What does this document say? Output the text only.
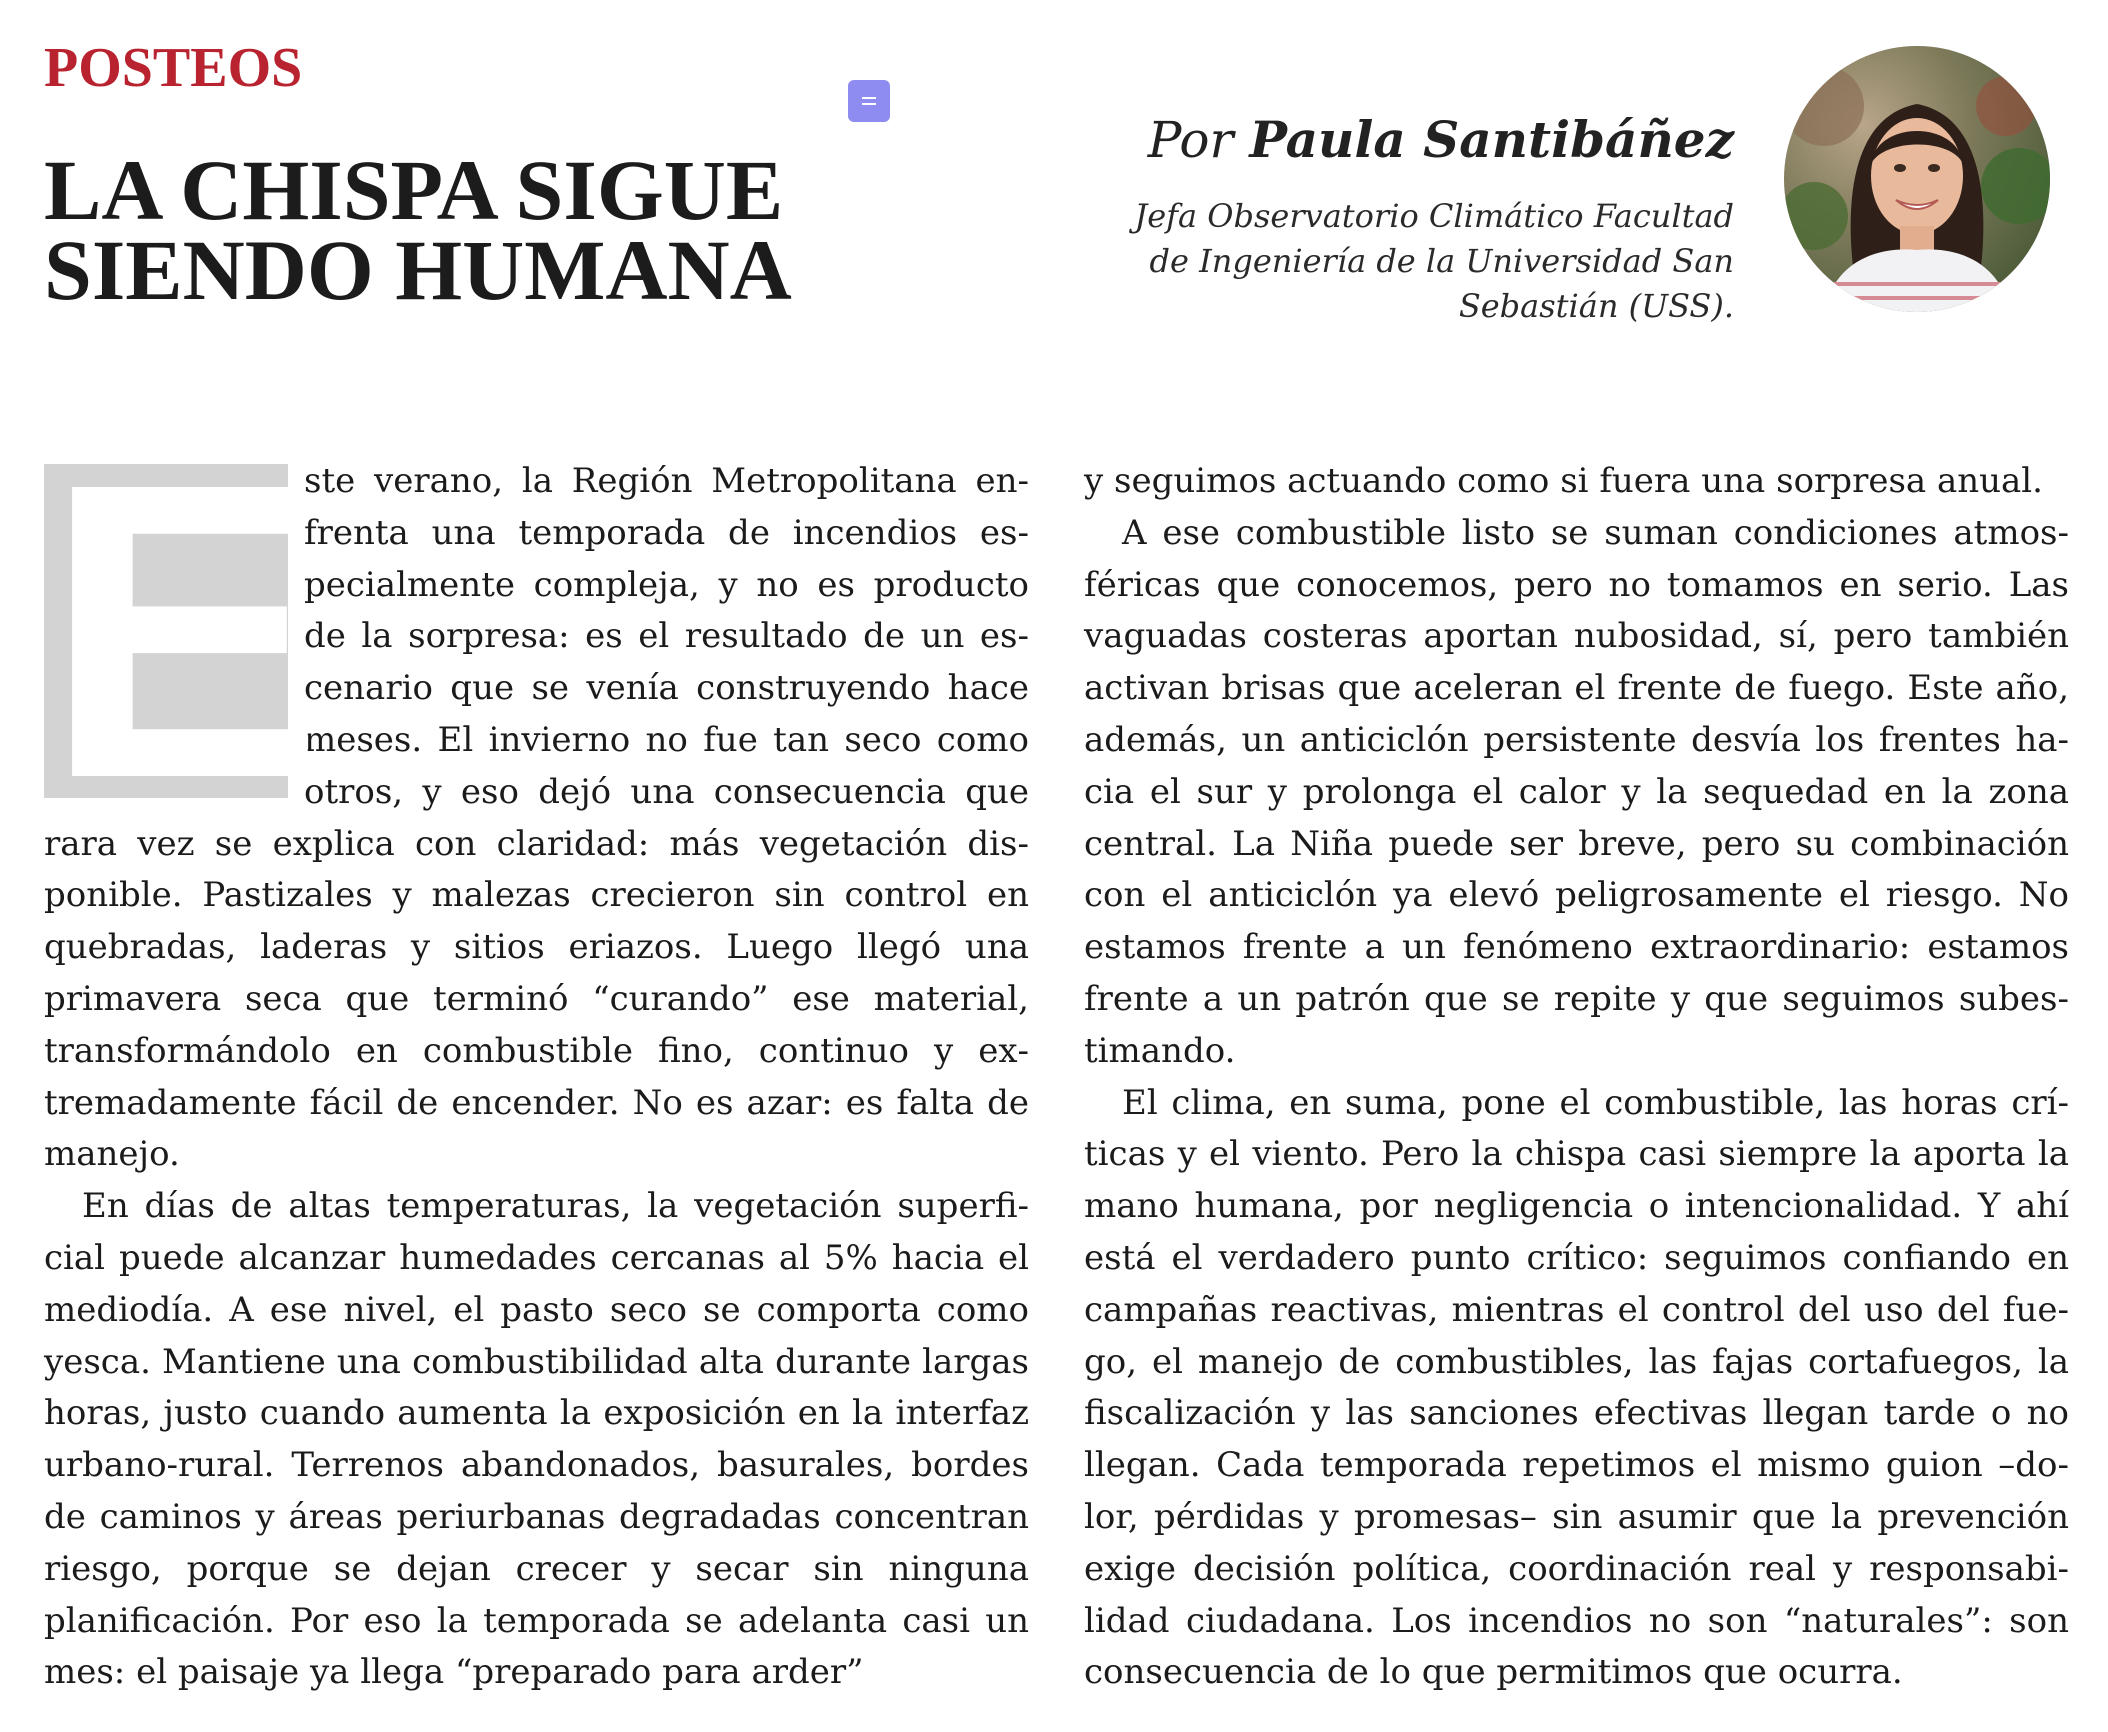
POSTEOS
LA CHISPA SIGUE
SIENDO HUMANA
Por Paula Santibáñez
Jefa Observatorio Climático Facultad de Ingeniería de la Universidad San Sebastián (USS).

E
ste verano, la Región Metropolitana enfrenta una temporada de incendios especialmente compleja, y no es producto de la sorpresa: es el resultado de un escenario que se venía construyendo hace meses. El invierno no fue tan seco como otros, y eso dejó una consecuencia que rara vez se explica con claridad: más vegetación disponible. Pastizales y malezas crecieron sin control en quebradas, laderas y sitios eriazos. Luego llegó una primavera seca que terminó “curando” ese material, transformándolo en combustible fino, continuo y extremadamente fácil de encender. No es azar: es falta de manejo.

En días de altas temperaturas, la vegetación superficial puede alcanzar humedades cercanas al 5% hacia el mediodía. A ese nivel, el pasto seco se comporta como yesca. Mantiene una combustibilidad alta durante largas horas, justo cuando aumenta la exposición en la interfaz urbano-rural. Terrenos abandonados, basurales, bordes de caminos y áreas periurbanas degradadas concentran riesgo, porque se dejan crecer y secar sin ninguna planificación. Por eso la temporada se adelanta casi un mes: el paisaje ya llega “preparado para arder”

y seguimos actuando como si fuera una sorpresa anual.

A ese combustible listo se suman condiciones atmosféricas que conocemos, pero no tomamos en serio. Las vaguadas costeras aportan nubosidad, sí, pero también activan brisas que aceleran el frente de fuego. Este año, además, un anticiclón persistente desvía los frentes hacia el sur y prolonga el calor y la sequedad en la zona central. La Niña puede ser breve, pero su combinación con el anticiclón ya elevó peligrosamente el riesgo. No estamos frente a un fenómeno extraordinario: estamos frente a un patrón que se repite y que seguimos subestimando.

El clima, en suma, pone el combustible, las horas críticas y el viento. Pero la chispa casi siempre la aporta la mano humana, por negligencia o intencionalidad. Y ahí está el verdadero punto crítico: seguimos confiando en campañas reactivas, mientras el control del uso del fuego, el manejo de combustibles, las fajas cortafuegos, la fiscalización y las sanciones efectivas llegan tarde o no llegan. Cada temporada repetimos el mismo guion –dolor, pérdidas y promesas– sin asumir que la prevención exige decisión política, coordinación real y responsabilidad ciudadana. Los incendios no son “naturales”: son consecuencia de lo que permitimos que ocurra.
